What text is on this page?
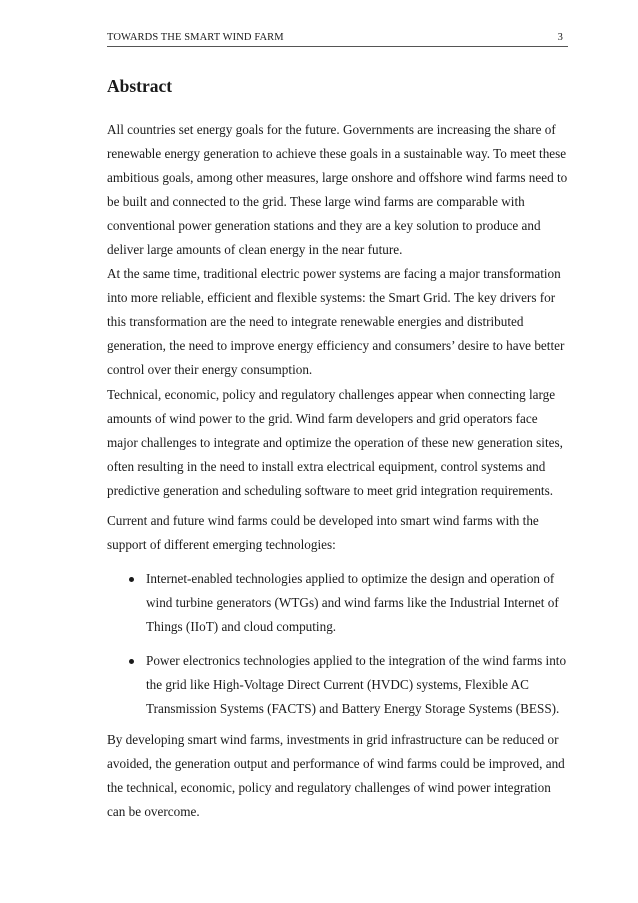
TOWARDS THE SMART WIND FARM	3
Abstract

All countries set energy goals for the future. Governments are increasing the share of renewable energy generation to achieve these goals in a sustainable way. To meet these ambitious goals, among other measures, large onshore and offshore wind farms need to be built and connected to the grid. These large wind farms are comparable with conventional power generation stations and they are a key solution to produce and deliver large amounts of clean energy in the near future.

At the same time, traditional electric power systems are facing a major transformation into more reliable, efficient and flexible systems: the Smart Grid. The key drivers for this transformation are the need to integrate renewable energies and distributed generation, the need to improve energy efficiency and consumers’ desire to have better control over their energy consumption.

Technical, economic, policy and regulatory challenges appear when connecting large amounts of wind power to the grid. Wind farm developers and grid operators face major challenges to integrate and optimize the operation of these new generation sites, often resulting in the need to install extra electrical equipment, control systems and predictive generation and scheduling software to meet grid integration requirements.

Current and future wind farms could be developed into smart wind farms with the support of different emerging technologies:

Internet-enabled technologies applied to optimize the design and operation of wind turbine generators (WTGs) and wind farms like the Industrial Internet of Things (IIoT) and cloud computing.
Power electronics technologies applied to the integration of the wind farms into the grid like High-Voltage Direct Current (HVDC) systems, Flexible AC Transmission Systems (FACTS) and Battery Energy Storage Systems (BESS).

By developing smart wind farms, investments in grid infrastructure can be reduced or avoided, the generation output and performance of wind farms could be improved, and the technical, economic, policy and regulatory challenges of wind power integration can be overcome.
